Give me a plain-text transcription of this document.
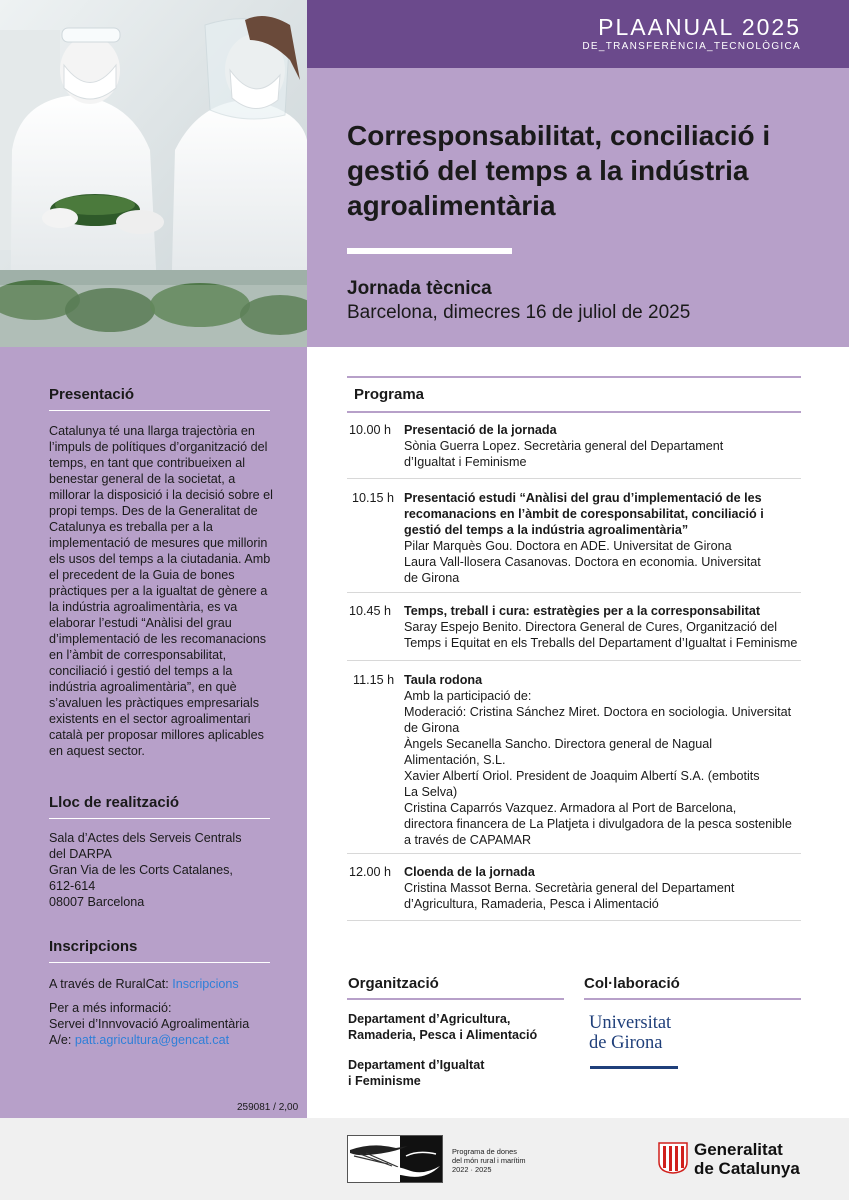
PLAANUAL 2025
DE_TRANSFERÈNCIA_TECNOLÒGICA
Corresponsabilitat, conciliació i gestió del temps a la indústria agroalimentària
Jornada tècnica
Barcelona, dimecres 16 de juliol de 2025
Presentació
Catalunya té una llarga trajectòria en l’impuls de polítiques d’organització del temps, en tant que contribueixen al benestar general de la societat, a millorar la disposició i la decisió sobre el propi temps. Des de la Generalitat de Catalunya es treballa per a la implementació de mesures que millorin els usos del temps a la ciutadania. Amb el precedent de la Guia de bones pràctiques per a la igualtat de gènere a la indústria agroalimentària, es va elaborar l’estudi “Anàlisi del grau d’implementació de les recomanacions en l’àmbit de corresponsabilitat, conciliació i gestió del temps a la indústria agroalimentària”, en què s’avaluen les pràctiques empresarials existents en el sector agroalimentari català per proposar millores aplicables en aquest sector.
Lloc de realització

Sala d’Actes dels Serveis Centrals

del DARPA

Gran Via de les Corts Catalanes,

612-614

08007 Barcelona

Inscripcions
A través de RuralCat: Inscripcions

Per a més informació:

Servei d’Innvovació Agroalimentària

A/e: patt.agricultura@gencat.cat

259081 / 2,00
Programa
10.00 h Presentació de la jornada
Sònia Guerra Lopez. Secretària general del Departament
d’Igualtat i Feminisme
10.15 h Presentació estudi “Anàlisi del grau d’implementació de les
recomanacions en l’àmbit de coresponsabilitat, conciliació i
gestió del temps a la indústria agroalimentària”
Pilar Marquès Gou. Doctora en ADE. Universitat de Girona
Laura Vall-llosera Casanovas. Doctora en economia. Universitat
de Girona
10.45 h Temps, treball i cura: estratègies per a la corresponsabilitat
Saray Espejo Benito. Directora General de Cures, Organització del
Temps i Equitat en els Treballs del Departament d’Igualtat i Feminisme
11.15 h Taula rodona
Amb la participació de:
Moderació: Cristina Sánchez Miret. Doctora en sociologia. Universitat
de Girona
Àngels Secanella Sancho. Directora general de Nagual
Alimentación, S.L.
Xavier Albertí Oriol. President de Joaquim Albertí S.A. (embotits
La Selva)
Cristina Caparrós Vazquez. Armadora al Port de Barcelona,
directora financera de La Platjeta i divulgadora de la pesca sostenible
a través de CAPAMAR
12.00 h Cloenda de la jornada
Cristina Massot Berna. Secretària general del Departament
d’Agricultura, Ramaderia, Pesca i Alimentació
Organització
Departament d’Agricultura,
Ramaderia, Pesca i Alimentació
Departament d’Igualtat
i Feminisme
Col·laboració
Universitat
de Girona
Programa de dones
del món rural i marítim
2022 · 2025
Generalitat
de Catalunya
